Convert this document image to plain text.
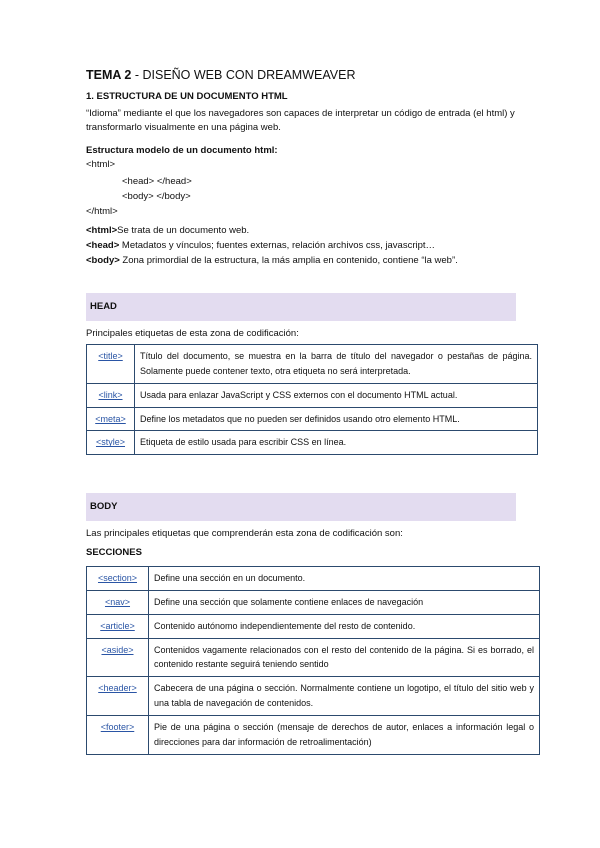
TEMA 2 - DISEÑO WEB CON DREAMWEAVER
1. ESTRUCTURA DE UN DOCUMENTO HTML
“Idioma” mediante el que los navegadores son capaces de interpretar un código de entrada (el html) y transformarlo visualmente en una página web.
Estructura modelo de un documento html:
<html>
<head> </head>
<body> </body>
</html>
<html>Se trata de un documento web.
<head> Metadatos y vínculos; fuentes externas, relación archivos css, javascript…
<body> Zona primordial de la estructura, la más amplia en contenido, contiene “la web”.
HEAD
Principales etiquetas de esta zona de codificación:
<title>	Título del documento, se muestra en la barra de título del navegador o pestañas de página. Solamente puede contener texto, otra etiqueta no será interpretada.
<link>	Usada para enlazar JavaScript y CSS externos con el documento HTML actual.
<meta>	Define los metadatos que no pueden ser definidos usando otro elemento HTML.
<style>	Etiqueta de estilo usada para escribir CSS en línea.
BODY
Las principales etiquetas que comprenderán esta zona de codificación son:
SECCIONES
<section>	Define una sección en un documento.
<nav>	Define una sección que solamente contiene enlaces de navegación
<article>	Contenido autónomo independientemente del resto de contenido.
<aside>	Contenidos vagamente relacionados con el resto del contenido de la página. Si es borrado, el contenido restante seguirá teniendo sentido
<header>	Cabecera de una página o sección. Normalmente contiene un logotipo, el título del sitio web y una tabla de navegación de contenidos.
<footer>	Pie de una página o sección (mensaje de derechos de autor, enlaces a información legal o direcciones para dar información de retroalimentación)
